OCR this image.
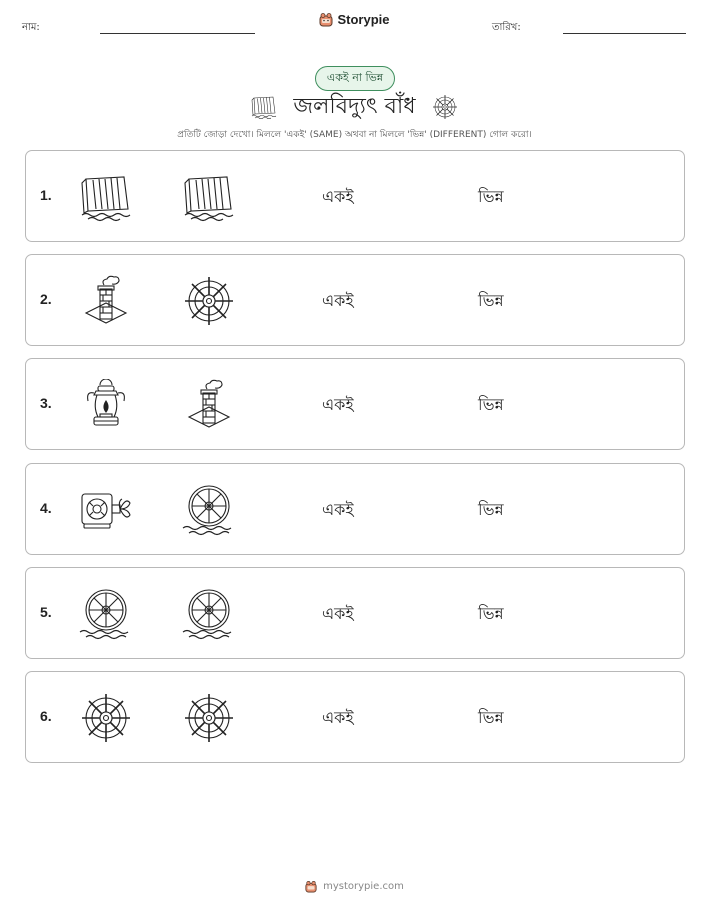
নাম:
Storypie
তারিখ:
একই না ভিন্ন
জলবিদ্যুৎ বাঁধ
প্রতিটি জোড়া দেখো। মিললে 'একই' (SAME) অথবা না মিললে 'ভিন্ন' (DIFFERENT) গোল করো।
1.	একই	ভিন্ন
2.	একই	ভিন্ন
3.	একই	ভিন্ন
4.	একই	ভিন্ন
5.	একই	ভিন্ন
6.	একই	ভিন্ন
mystorypie.com
